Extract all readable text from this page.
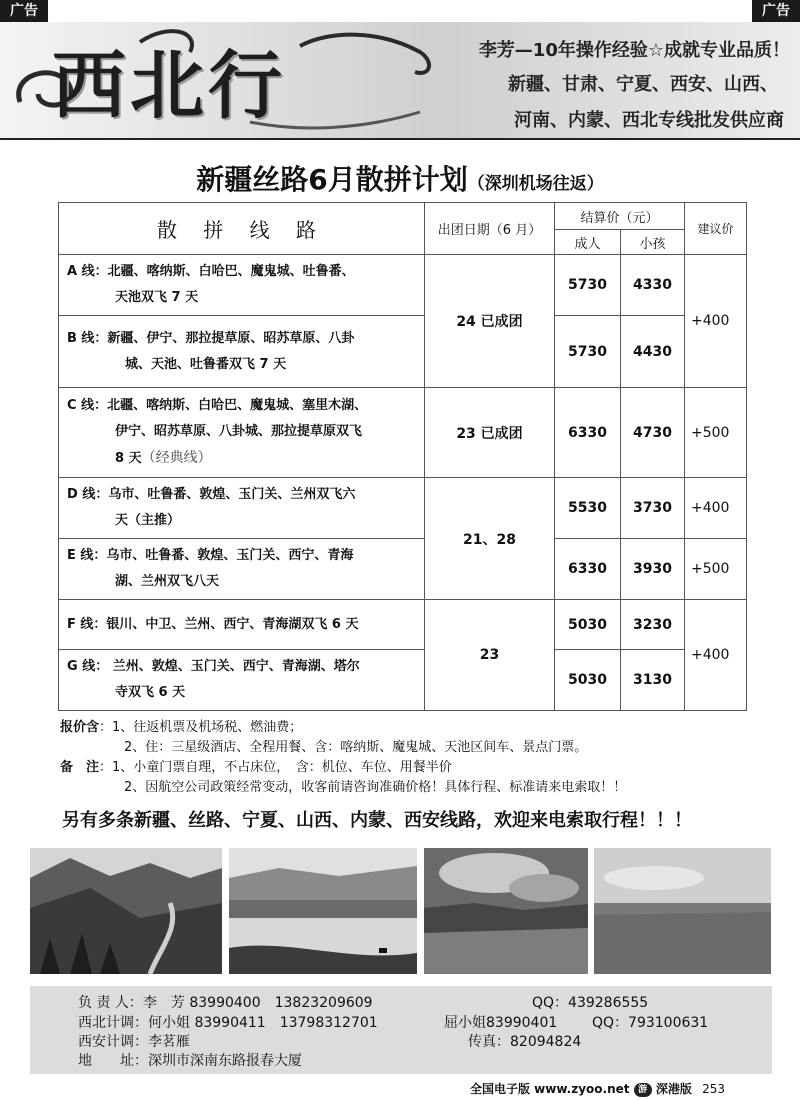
广告	广告
西北行	李芳—10年操作经验☆成就专业品质！
新疆、甘肃、宁夏、西安、山西、
河南、内蒙、西北专线批发供应商
新疆丝路6月散拼计划（深圳机场往返）
散 拼 线 路	出团日期（6 月）	结算价（元）		建议价
		成人	小孩	
A 线：北疆、喀纳斯、白哈巴、魔鬼城、吐鲁番、
天池双飞 7 天	24 已成团	5730	4330	+400
B 线：新疆、伊宁、那拉提草原、昭苏草原、八卦
城、天池、吐鲁番双飞 7 天		5730	4430	
C 线：北疆、喀纳斯、白哈巴、魔鬼城、塞里木湖、
伊宁、昭苏草原、八卦城、那拉提草原双飞
8 天（经典线）	23 已成团	6330	4730	+500
D 线：乌市、吐鲁番、敦煌、玉门关、兰州双飞六
天（主推）	21、28	5530	3730	+400
E 线：乌市、吐鲁番、敦煌、玉门关、西宁、青海
湖、兰州双飞八天		6330	3930	+500
F 线：银川、中卫、兰州、西宁、青海湖双飞 6 天	23	5030	3230	+400
G 线： 兰州、敦煌、玉门关、西宁、青海湖、塔尔
寺双飞 6 天		5030	3130	
报价含：1、往返机票及机场税、燃油费；
2、住：三星级酒店、全程用餐、含：喀纳斯、魔鬼城、天池区间车、景点门票。
备　注：1、小童门票自理，不占床位，　含：机位、车位、用餐半价
2、因航空公司政策经常变动，收客前请咨询准确价格！具体行程、标准请来电索取！！
另有多条新疆、丝路、宁夏、山西、内蒙、西安线路，欢迎来电索取行程！！！
负 责 人：李　芳 83990400　13823209609	QQ：439286555
西北计调：何小姐 83990411　13798312701	屈小姐83990401 QQ：793100631
西安计调：李茗雁	传真：82094824
地　　址：深圳市深南东路报春大厦
全国电子版 www.zyoo.net 游 深港版 253
